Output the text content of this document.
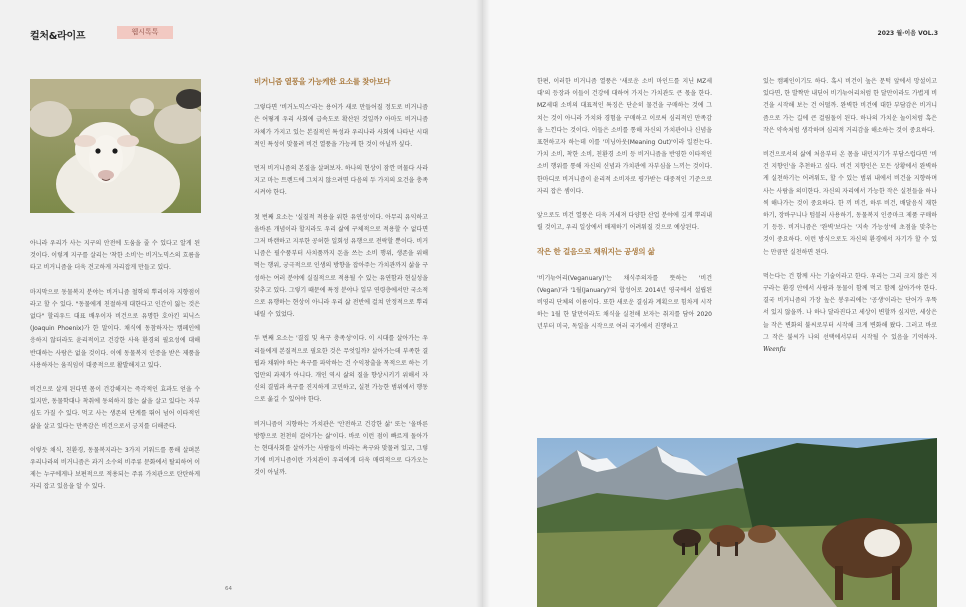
컬처&라이프	웹시톡톡

아니라 우리가 사는 지구의 안전에 도움을 줄 수 있다고 알게 된 것이다. 이렇게 지구를 살리는 '착한 소비'는 비거노믹스의 흐름을 타고 비거니즘을 더욱 견고하게 자리잡게 만들고 있다.

마지막으로 동물복지 분야는 비거니즘 철학의 뿌리이자 지향점이라고 할 수 있다. "동물에게 친절하게 대한다고 인간이 잃는 것은 없다" 할리우드 대표 배우이자 비건으로 유명한 호아킨 피닉스(Joaquin Phoenix)가 한 말이다. 채식에 동참하자는 캠페인에 응하지 않더라도 윤리적이고 건강한 사육 환경의 필요성에 대해 반대하는 사람은 없을 것이다. 이에 동물복지 인증을 받은 제품을 사용하자는 움직임이 대중적으로 활발해지고 있다.

비건으로 살게 된다면 몸이 건강해지는 즉각적인 효과도 얻을 수 있지만, 동물학대나 착취에 동의하지 않는 삶을 살고 있다는 자부심도 가질 수 있다. 먹고 사는 생존의 단계를 뛰어 넘어 이타적인 삶을 살고 있다는 만족감은 비건으로서 긍지를 더해준다.

이렇듯 채식, 친환경, 동물복지라는 3가지 키워드를 통해 살펴본 우리나라의 비거니즘은 과거 소수의 비주류 문화에서 탈피하여 이제는 누구에게나 보편적으로 적용되는 주류 가치관으로 탄탄하게 자리 잡고 있음을 알 수 있다.

비거니즘 열풍을 가능케한 요소를 찾아보다

그렇다면 '비거노믹스'라는 용어가 새로 만들어질 정도로 비거니즘은 어떻게 우리 사회에 급속도로 확산된 것일까? 아마도 비거니즘 자체가 가지고 있는 본질적인 특성과 우리나라 사회에 나타난 시대적인 특성이 맞물려 비건 열풍을 가능케 한 것이 아닐까 싶다.

먼저 비거니즘의 본질을 살펴보자. 하나의 현상이 잠깐 머물다 사라지고 마는 트렌드에 그치지 않으려면 다음의 두 가지의 요건을 충족시켜야 한다.

첫 번째 요소는 '실질적 적용을 위한 유연성'이다. 아무리 유익하고 올바른 개념이라 할지라도 우리 삶에 구체적으로 적용할 수 없다면 그저 바랜하고 지루한 공허한 일회성 유행으로 전락할 뿐이다. 비거니즘은 필수품부터 사치품까지 돈을 쓰는 소비 행위, 생존을 위해 먹는 행위, 궁극적으로 인생의 방향을 잡아주는 가치관까지 삶을 구성하는 여러 분야에 실질적으로 적용될 수 있는 유연함과 현실성을 갖추고 있다. 그렇기 때문에 특정 분야나 일부 연령층에서만 국소적으로 유행하는 현상이 아니라 우리 삶 전반에 걸쳐 안정적으로 뿌리내릴 수 있었다.

두 번째 요소는 '결집 및 욕구 충족성'이다. 이 시대를 살아가는 우리들에게 본질적으로 필요한 것은 무엇일까? 살아가는데 부족한 결핍과 채워야 하는 욕구를 파악하는 건 수익창출을 목적으로 하는 기업만의 과제가 아니다. 개인 역시 삶의 질을 향상시키기 위해서 자신의 결핍과 욕구를 진지하게 고민하고, 실천 가능한 범위에서 행동으로 옮길 수 있어야 한다.

비거니즘이 지향하는 가치관은 '안전하고 건강한 삶' 또는 '올바른 방향으로 천천히 걸어가는 삶'이다. 바로 이런 점이 빠르게 돌아가는 현대사회를 살아가는 사람들이 바라는 욕구와 맞물려 있고, 그렇기에 비거니즘이란 가치관이 우리에게 더욱 매력적으로 다가오는 것이 아닐까.

64
2023 월·이음 VOL.3

한편, 이러한 비거니즘 열풍은 '새로운 소비 마인드를 지닌 MZ세대'의 등장과 이들이 건강에 대하여 가지는 가치관도 큰 몫을 한다. MZ세대 소비의 대표적인 특징은 단순히 물건을 구매하는 것에 그치는 것이 아니라 가치와 경험을 구매하고 이로써 심리적인 만족감을 느낀다는 것이다. 이들은 소비를 통해 자신의 가치관이나 신념을 표현하고자 하는데 이를 '미닝아웃(Meaning Out)'이라 일컫는다. 가치 소비, 착한 소비, 친환경 소비 등 비거니즘을 반영한 이타적인 소비 행위를 통해 자신의 신념과 가치관에 자부심을 느끼는 것이다. 한마디로 비거니즘이 윤리적 소비자로 평가받는 대중적인 기준으로 자리 잡은 셈이다.

앞으로도 비건 열풍은 더욱 거세져 다양한 산업 분야에 깊게 뿌리내릴 것이고, 우리 일상에서 배제하기 어려워질 것으로 예상된다.

작은 한 걸음으로 채워지는 공생의 삶

'비기뉴어리(Veganuary)'는 채식주의자를 뜻하는 '비건(Vegan)'과 '1월(January)'의 합성어로 2014년 영국에서 설립된 비영리 단체의 이름이다. 또한 새로운 결심과 계획으로 힘차게 시작하는 1월 한 달만이라도 채식을 실천해 보자는 취지를 담아 2020년부터 미국, 독일을 시작으로 여러 국가에서 진행하고

있는 캠페인이기도 하다. 혹시 비건이 높은 문턱 앞에서 망설이고 있다면, 한 발짝만 내딛어 비기뉴어리처럼 한 달만이라도 가볍게 비건을 시작해 보는 건 어떨까. 완벽한 비건에 대한 부담감은 비거니즘으로 가는 길에 큰 걸림돌이 된다. 하나의 가치운 놀이처럼 혹은 작은 약속처럼 생각하며 심리적 거리감을 해소하는 것이 중요하다.

비건으로서의 삶에 처음부터 온 몸을 내던지기가 부담스럽다면 '비건 지향인'을 추천하고 싶다. 비건 지향인은 모든 상황에서 완벽하게 실천하기는 어려워도, 할 수 있는 범위 내에서 비건을 지향하며 사는 사람을 의미한다. 자신의 자리에서 가능한 작은 실천들을 하나씩 해나가는 것이 중요하다. 한 끼 비건, 하루 비건, 배달음식 재한하기, 장바구니나 텀블러 사용하기, 동물복지 인증마크 제품 구매하기 등등. 비거니즘은 '완벽'보다는 '지속 가능성'에 초점을 맞추는 것이 중요하다. 이런 방식으로도 자신의 환경에서 자기가 할 수 있는 만큼만 실천하면 된다.

먹는다는 건 함께 사는 기술이라고 한다. 우리는 그리 크지 않은 지구라는 환경 안에서 사람과 동물이 함께 먹고 함께 살아가야 한다. 결국 비거니즘의 가장 높은 봉우리에는 '공생'이라는 단어가 우뚝 서 있지 않을까. 나 하나 달라진다고 세상이 변할까 싶지만, 세상은 늘 작은 변화의 불씨로부터 시작해 크게 변화해 왔다. 그러고 바로 그 작은 불씨가 나의 선택에서부터 시작될 수 있음을 기억하자. Weenfu
